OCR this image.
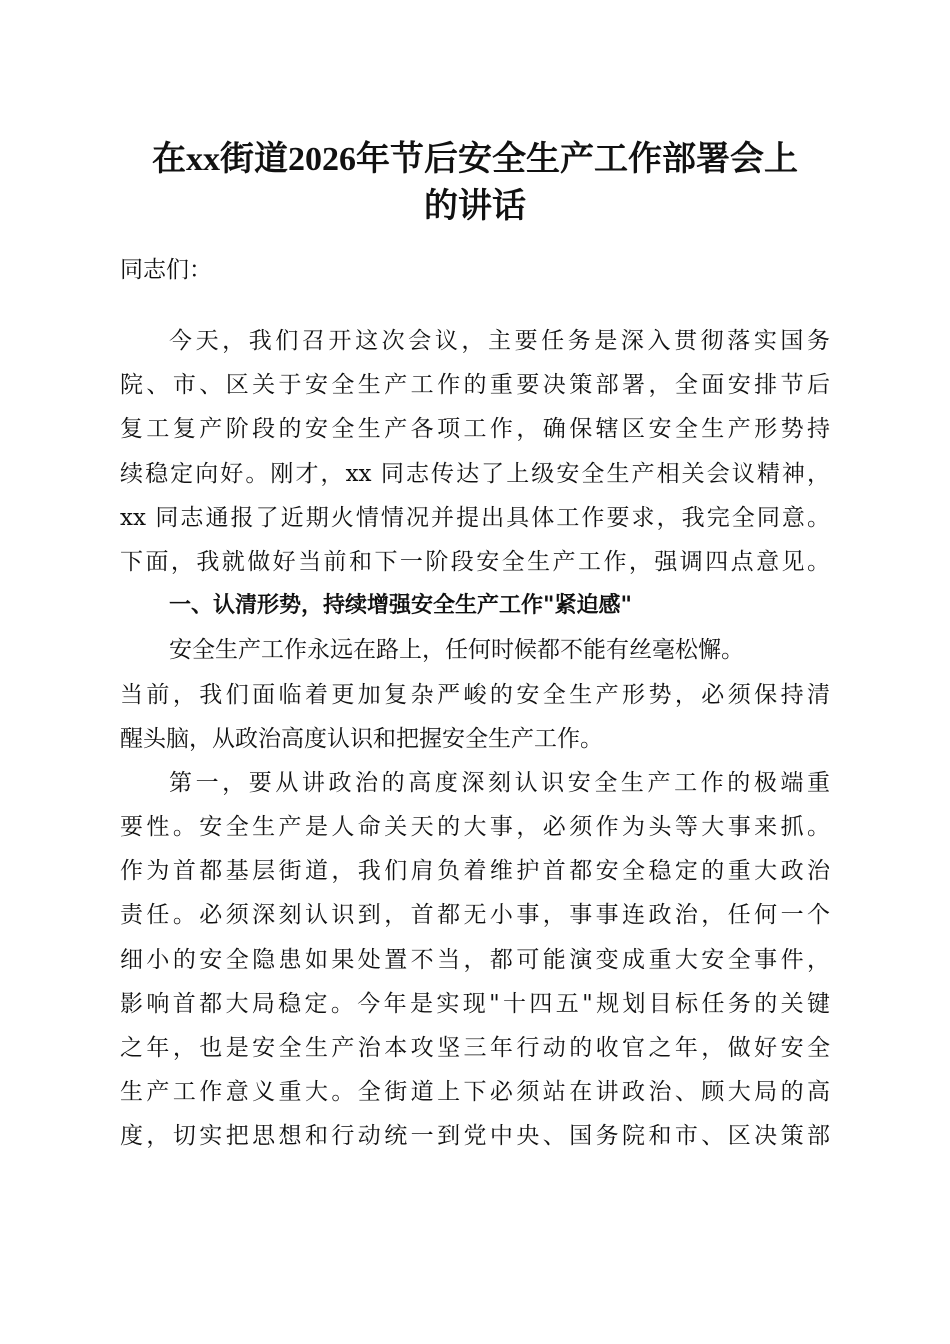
在xx街道2026年节后安全生产工作部署会上
的讲话
同志们：
今天，我们召开这次会议，主要任务是深入贯彻落实国务
院、市、区关于安全生产工作的重要决策部署，全面安排节后
复工复产阶段的安全生产各项工作，确保辖区安全生产形势持
续稳定向好。刚才，xx 同志传达了上级安全生产相关会议精神，
xx 同志通报了近期火情情况并提出具体工作要求，我完全同意。
下面，我就做好当前和下一阶段安全生产工作，强调四点意见。
一、认清形势，持续增强安全生产工作"紧迫感"
安全生产工作永远在路上，任何时候都不能有丝毫松懈。
当前，我们面临着更加复杂严峻的安全生产形势，必须保持清
醒头脑，从政治高度认识和把握安全生产工作。
第一，要从讲政治的高度深刻认识安全生产工作的极端重
要性。安全生产是人命关天的大事，必须作为头等大事来抓。
作为首都基层街道，我们肩负着维护首都安全稳定的重大政治
责任。必须深刻认识到，首都无小事，事事连政治，任何一个
细小的安全隐患如果处置不当，都可能演变成重大安全事件，
影响首都大局稳定。今年是实现"十四五"规划目标任务的关键
之年，也是安全生产治本攻坚三年行动的收官之年，做好安全
生产工作意义重大。全街道上下必须站在讲政治、顾大局的高
度，切实把思想和行动统一到党中央、国务院和市、区决策部
